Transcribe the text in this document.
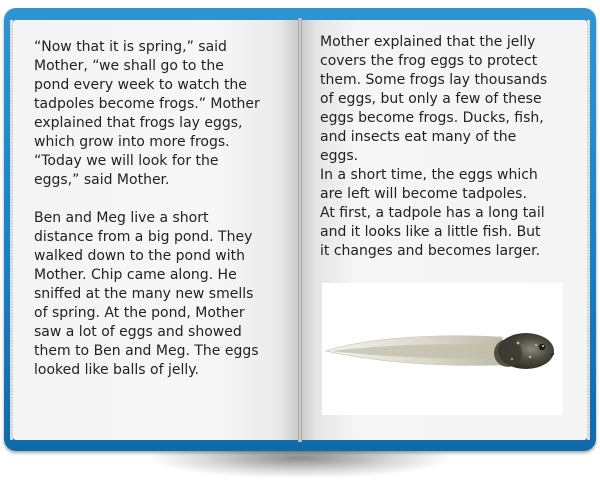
“Now that it is spring,” said
Mother, “we shall go to the
pond every week to watch the
tadpoles become frogs.” Mother
explained that frogs lay eggs,
which grow into more frogs.
“Today we will look for the
eggs,” said Mother.

Ben and Meg live a short
distance from a big pond. They
walked down to the pond with
Mother. Chip came along. He
sniffed at the many new smells
of spring. At the pond, Mother
saw a lot of eggs and showed
them to Ben and Meg. The eggs
looked like balls of jelly.

Mother explained that the jelly
covers the frog eggs to protect
them. Some frogs lay thousands
of eggs, but only a few of these
eggs become frogs. Ducks, fish,
and insects eat many of the
eggs.

In a short time, the eggs which
are left will become tadpoles.
At first, a tadpole has a long tail
and it looks like a little fish. But
it changes and becomes larger.
